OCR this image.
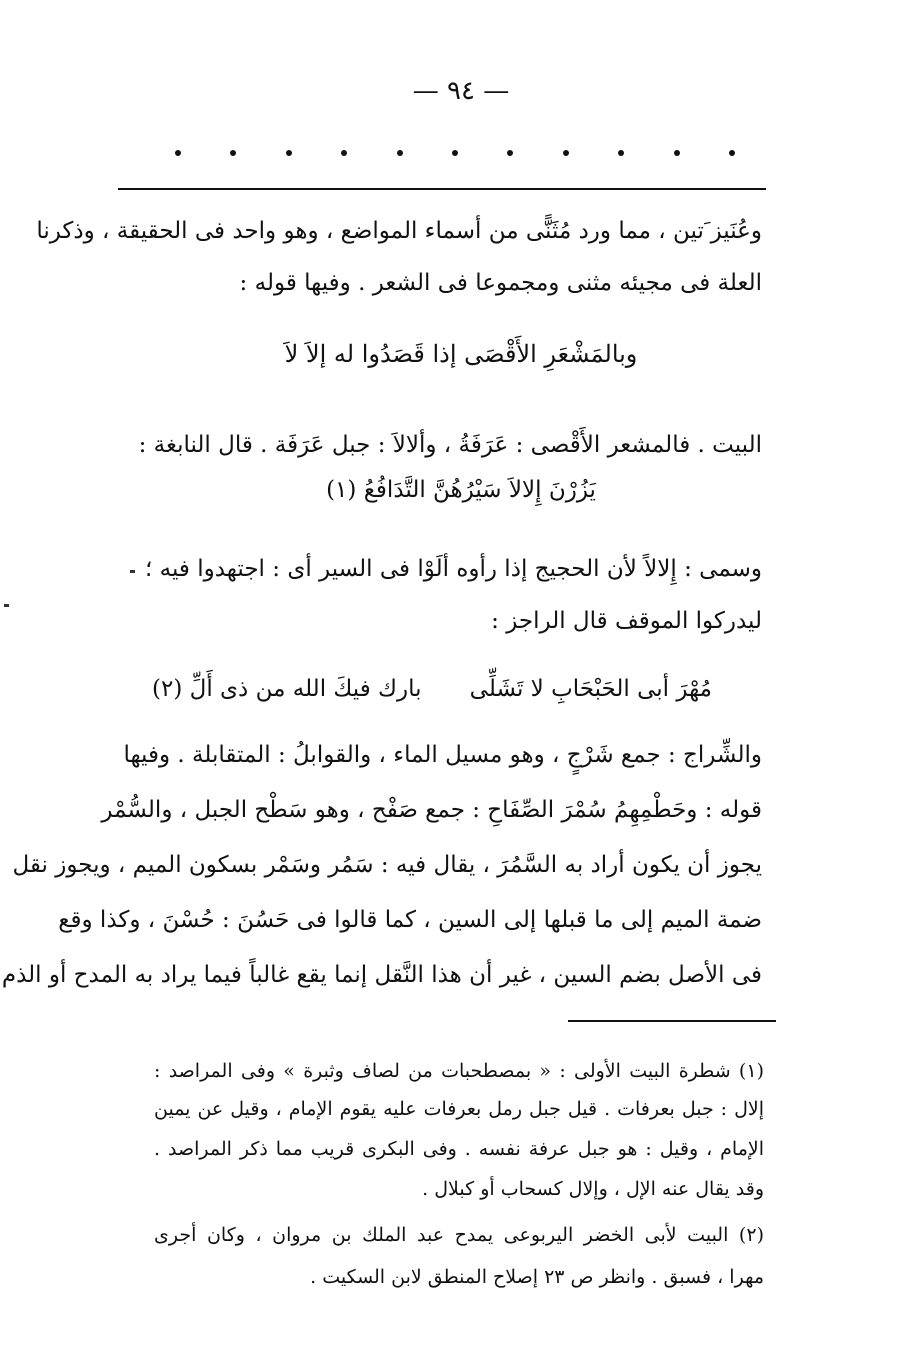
— ٩٤ —
وعُنَيز َتين ، مما ورد مُثَنًّى من أسماء المواضع ، وهو واحد فى الحقيقة ، وذكرنا
العلة فى مجيئه مثنى ومجموعا فى الشعر . وفيها قوله :
وبالمَشْعَرِ الأَقْصَى إذا قَصَدُوا له إلاَ لاَ
البيت . فالمشعر الأَقْصى : عَرَفَةُ ، وألالاَ : جبل عَرَفَة . قال النابغة :
يَزُرْنَ إِلالاَ سَيْرُهُنَّ التَّدَافُعُ (١)
وسمى : إِلالاً لأن الحجيج إذا رأوه ألَوْا فى السير أى : اجتهدوا فيه ؛
ليدركوا الموقف قال الراجز :
مُهْرَ أبى الحَبْحَابِ لا تَشَلِّى
بارك فيكَ الله من ذى أَلِّ (٢)
والشِّراج : جمع شَرْجٍ ، وهو مسيل الماء ، والقوابلُ : المتقابلة . وفيها
قوله : وحَطْمِهِمُ سُمْرَ الصِّفَاحِ : جمع صَفْح ، وهو سَطْح الجبل ، والسُّمْر
يجوز أن يكون أراد به السَّمُرَ ، يقال فيه : سَمُر وسَمْر بسكون الميم ، ويجوز نقل
ضمة الميم إلى ما قبلها إلى السين ، كما قالوا فى حَسُنَ : حُسْنَ ، وكذا وقع
فى الأصل بضم السين ، غير أن هذا النَّقل إنما يقع غالباً فيما يراد به المدح أو الذم
(١) شطرة البيت الأولى : « بمصطحبات من لصاف وثبرة » وفى المراصد :
إلال : جبل بعرفات . قيل جبل رمل بعرفات عليه يقوم الإمام ، وقيل عن يمين
الإمام ، وقيل : هو جبل عرفة نفسه . وفى البكرى قريب مما ذكر المراصد .
وقد يقال عنه الإل ، وإلال كسحاب أو كبلال .
(٢) البيت لأبى الخضر اليربوعى يمدح عبد الملك بن مروان ، وكان أجرى
مهرا ، فسبق . وانظر ص ٢٣ إصلاح المنطق لابن السكيت .
